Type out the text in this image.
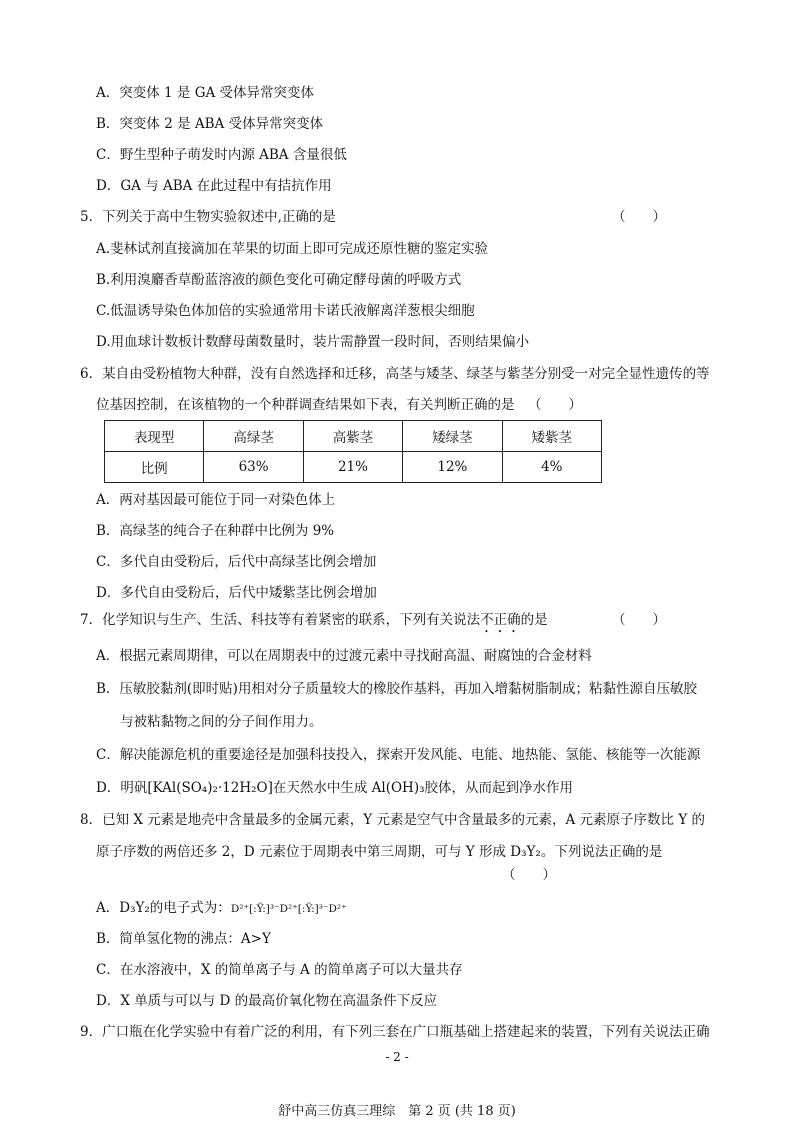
A．突变体 1 是 GA 受体异常突变体
B．突变体 2 是 ABA 受体异常突变体
C．野生型种子萌发时内源 ABA 含量很低
D．GA 与 ABA 在此过程中有拮抗作用
5．下列关于高中生物实验叙述中,正确的是	（　　）
A.斐林试剂直接滴加在苹果的切面上即可完成还原性糖的鉴定实验
B.利用溴麝香草酚蓝溶液的颜色变化可确定酵母菌的呼吸方式
C.低温诱导染色体加倍的实验通常用卡诺氏液解离洋葱根尖细胞
D.用血球计数板计数酵母菌数量时，装片需静置一段时间，否则结果偏小
6．某自由受粉植物大种群，没有自然选择和迁移，高茎与矮茎、绿茎与紫茎分别受一对完全显性遗传的等
位基因控制，在该植物的一个种群调查结果如下表，有关判断正确的是 （　　）
表现型	高绿茎	高紫茎	矮绿茎	矮紫茎
比例	63%	21%	12%	4%
A．两对基因最可能位于同一对染色体上
B．高绿茎的纯合子在种群中比例为 9%
C．多代自由受粉后，后代中高绿茎比例会增加
D．多代自由受粉后，后代中矮紫茎比例会增加
7．化学知识与生产、生活、科技等有着紧密的联系，下列有关说法不正确的是	（　　）
A．根据元素周期律，可以在周期表中的过渡元素中寻找耐高温、耐腐蚀的合金材料
B．压敏胶黏剂(即时贴)用相对分子质量较大的橡胶作基料，再加入增黏树脂制成；粘黏性源自压敏胶
与被粘黏物之间的分子间作用力。
C．解决能源危机的重要途径是加强科技投入，探索开发风能、电能、地热能、氢能、核能等一次能源
D．明矾[KAl(SO₄)₂·12H₂O]在天然水中生成 Al(OH)₃胶体，从而起到净水作用
8．已知 X 元素是地壳中含量最多的金属元素，Y 元素是空气中含量最多的元素，A 元素原子序数比 Y 的
原子序数的两倍还多 2，D 元素位于周期表中第三周期，可与 Y 形成 D₃Y₂。下列说法正确的是
（　　）
A．D₃Y₂的电子式为：D²⁺[:Ÿ:]³⁻D²⁺[:Ÿ:]³⁻D²⁺
B．简单氢化物的沸点：A>Y
C．在水溶液中，X 的简单离子与 A 的简单离子可以大量共存
D．X 单质与可以与 D 的最高价氧化物在高温条件下反应
9．广口瓶在化学实验中有着广泛的利用，有下列三套在广口瓶基础上搭建起来的装置，下列有关说法正确
- 2 -
舒中高三仿真三理综　第 2 页 (共 18 页)
